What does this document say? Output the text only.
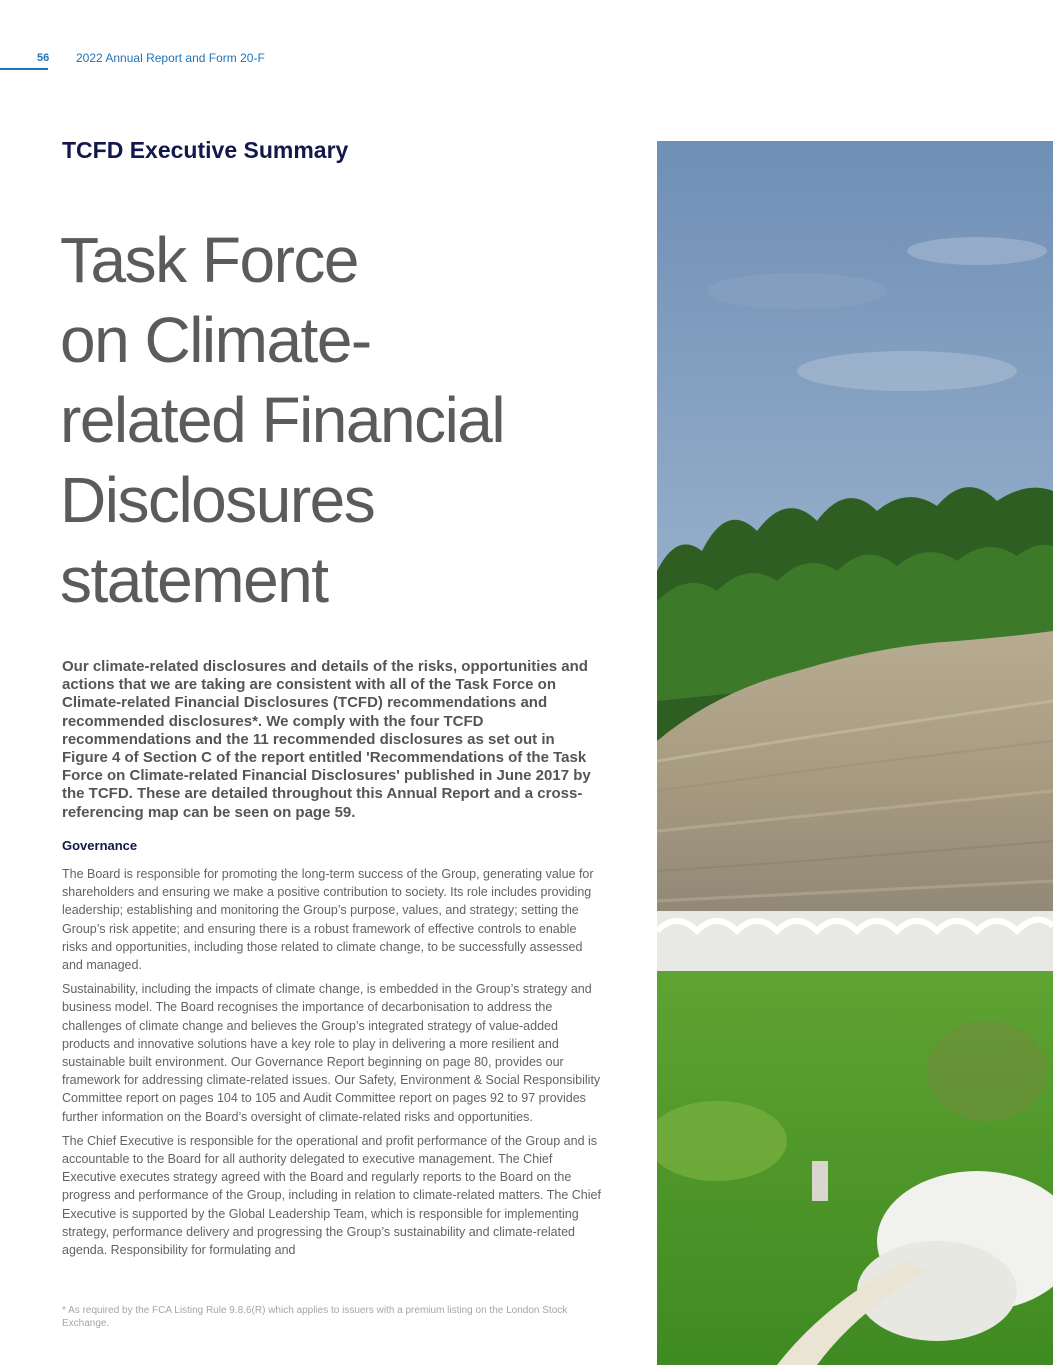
56 2022 Annual Report and Form 20-F
TCFD Executive Summary
Task Force
on Climate-
related Financial
Disclosures
statement

Our climate-related disclosures and details of the risks, opportunities and actions that we are taking are consistent with all of the Task Force on Climate-related Financial Disclosures (TCFD) recommendations and recommended disclosures*. We comply with the four TCFD recommendations and the 11 recommended disclosures as set out in Figure 4 of Section C of the report entitled 'Recommendations of the Task Force on Climate-related Financial Disclosures' published in June 2017 by the TCFD. These are detailed throughout this Annual Report and a cross-referencing map can be seen on page 59.

Governance

The Board is responsible for promoting the long-term success of the Group, generating value for shareholders and ensuring we make a positive contribution to society. Its role includes providing leadership; establishing and monitoring the Group’s purpose, values, and strategy; setting the Group’s risk appetite; and ensuring there is a robust framework of effective controls to enable risks and opportunities, including those related to climate change, to be successfully assessed and managed.

Sustainability, including the impacts of climate change, is embedded in the Group’s strategy and business model. The Board recognises the importance of decarbonisation to address the challenges of climate change and believes the Group’s integrated strategy of value-added products and innovative solutions have a key role to play in delivering a more resilient and sustainable built environment. Our Governance Report beginning on page 80, provides our framework for addressing climate-related issues. Our Safety, Environment & Social Responsibility Committee report on pages 104 to 105 and Audit Committee report on pages 92 to 97 provides further information on the Board’s oversight of climate-related risks and opportunities.

The Chief Executive is responsible for the operational and profit performance of the Group and is accountable to the Board for all authority delegated to executive management. The Chief Executive executes strategy agreed with the Board and regularly reports to the Board on the progress and performance of the Group, including in relation to climate-related matters. The Chief Executive is supported by the Global Leadership Team, which is responsible for implementing strategy, performance delivery and progressing the Group’s sustainability and climate-related agenda. Responsibility for formulating and

* As required by the FCA Listing Rule 9.8.6(R) which applies to issuers with a premium listing on the London Stock Exchange.
